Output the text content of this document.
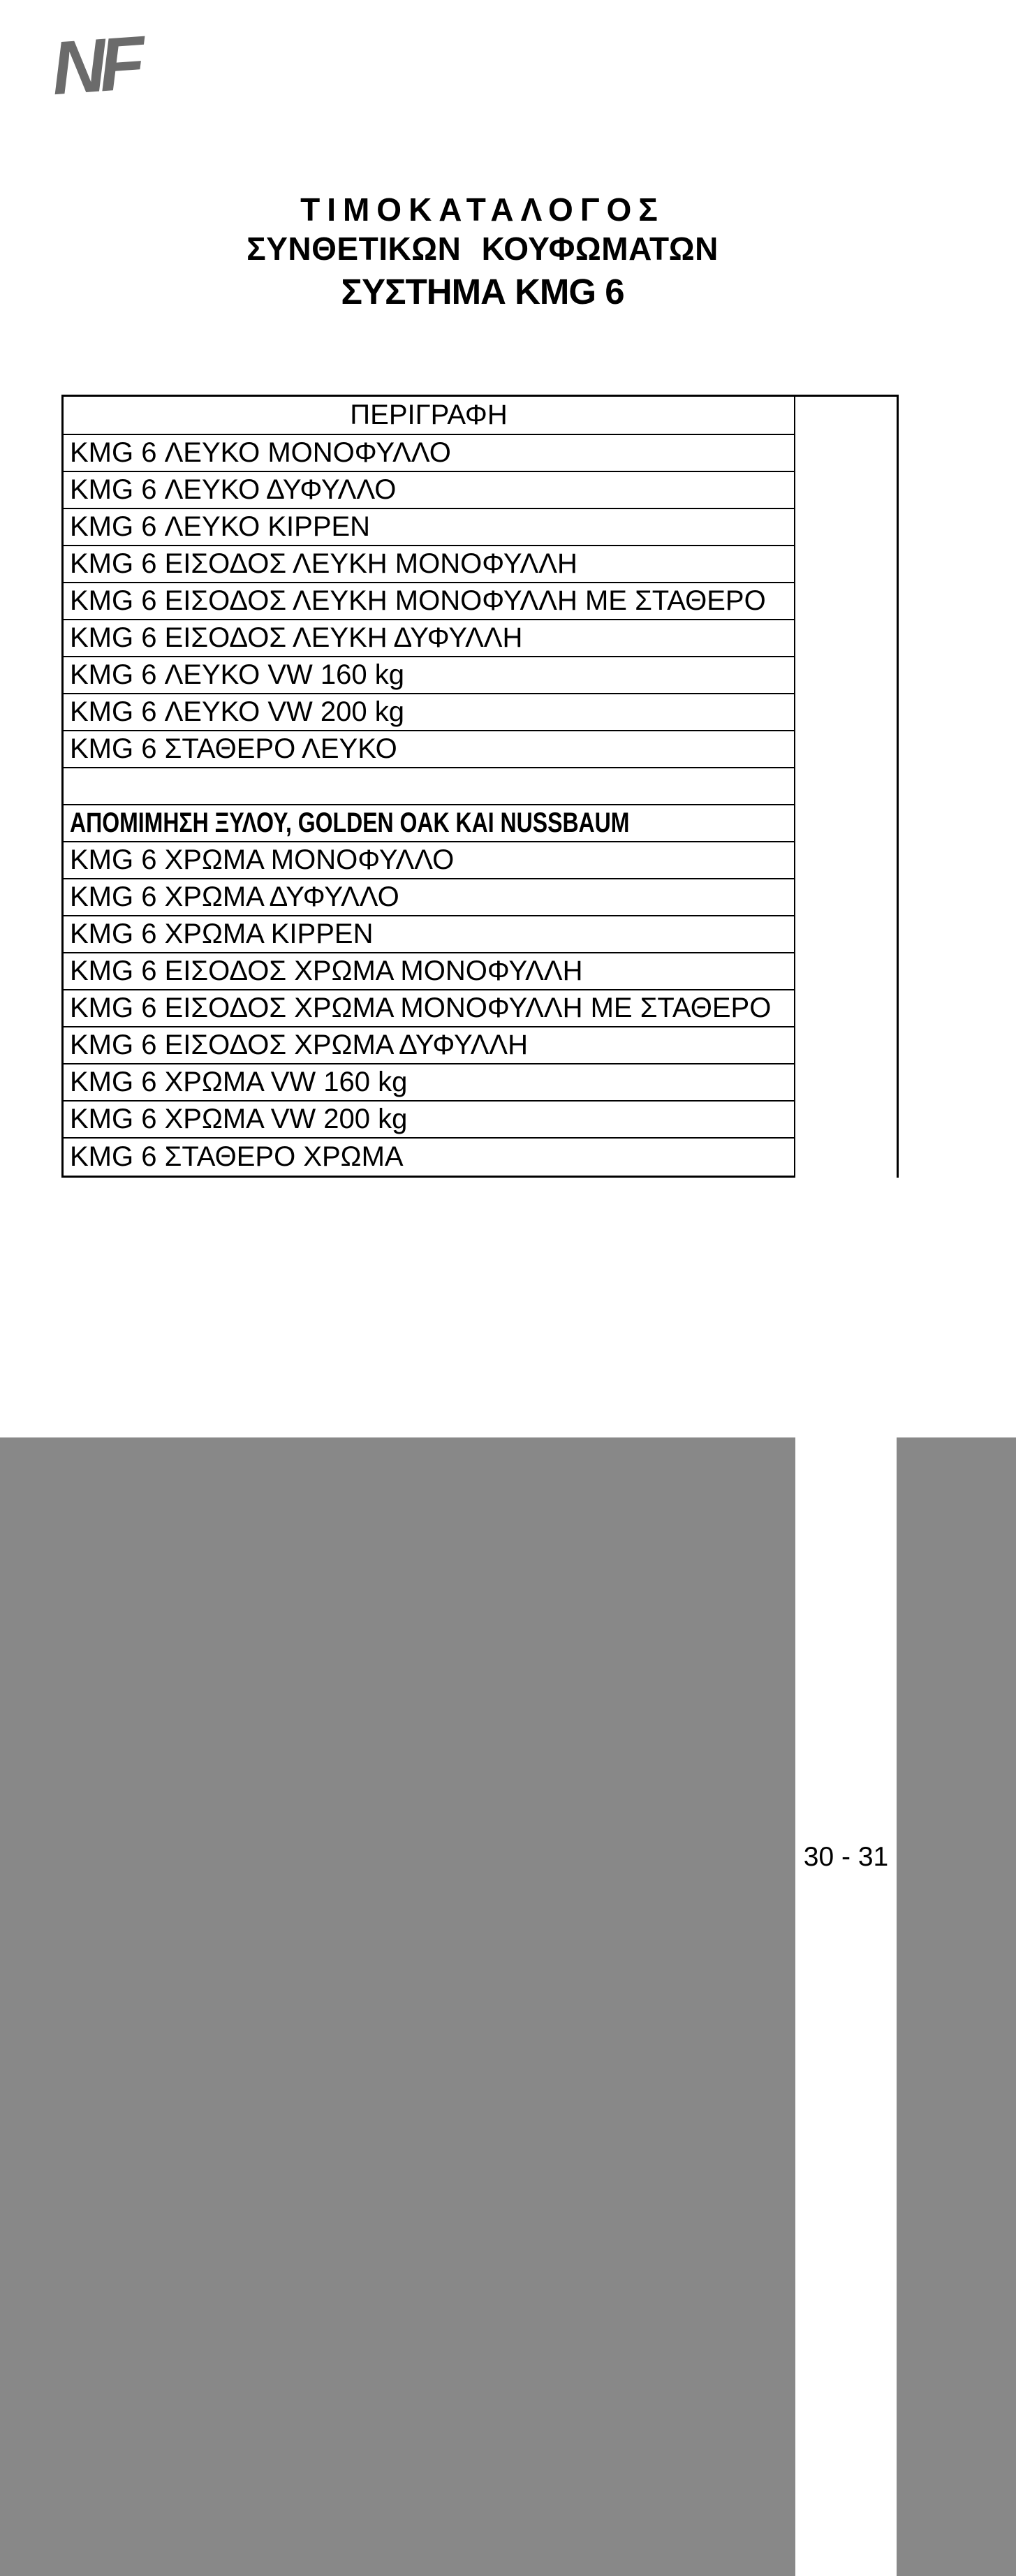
NF
ΤΙΜΟΚΑΤΑΛΟΓΟΣ
ΣΥΝΘΕΤΙΚΩΝ ΚΟΥΦΩΜΑΤΩΝ
ΣΥΣΤΗΜΑ KMG 6
ΠΕΡΙΓΡΑΦΗ
KMG 6 ΛΕΥΚΟ ΜΟΝΟΦΥΛΛΟ
KMG 6 ΛΕΥΚΟ ΔΥΦΥΛΛΟ
KMG 6 ΛΕΥΚΟ KIPPEN
KMG 6 ΕΙΣΟΔΟΣ ΛΕΥΚΗ ΜΟΝΟΦΥΛΛΗ
KMG 6 ΕΙΣΟΔΟΣ ΛΕΥΚΗ ΜΟΝΟΦΥΛΛΗ ΜΕ ΣΤΑΘΕΡΟ
KMG 6 ΕΙΣΟΔΟΣ ΛΕΥΚΗ ΔΥΦΥΛΛΗ
KMG 6 ΛΕΥΚΟ VW 160 kg
KMG 6 ΛΕΥΚΟ VW 200 kg
KMG 6 ΣΤΑΘΕΡΟ ΛΕΥΚΟ
ΑΠΟΜΙΜΗΣΗ ΞΥΛΟΥ, GOLDEN OAK ΚΑΙ NUSSBAUM
KMG 6 ΧΡΩΜΑ ΜΟΝΟΦΥΛΛΟ
KMG 6 ΧΡΩΜΑ ΔΥΦΥΛΛΟ
KMG 6 ΧΡΩΜΑ KIPPEN
KMG 6 ΕΙΣΟΔΟΣ ΧΡΩΜΑ ΜΟΝΟΦΥΛΛΗ
KMG 6 ΕΙΣΟΔΟΣ ΧΡΩΜΑ ΜΟΝΟΦΥΛΛΗ ΜΕ ΣΤΑΘΕΡΟ
KMG 6 ΕΙΣΟΔΟΣ ΧΡΩΜΑ ΔΥΦΥΛΛΗ
KMG 6 ΧΡΩΜΑ VW 160 kg
KMG 6 ΧΡΩΜΑ VW 200 kg
KMG 6 ΣΤΑΘΕΡΟ ΧΡΩΜΑ
30 - 31
